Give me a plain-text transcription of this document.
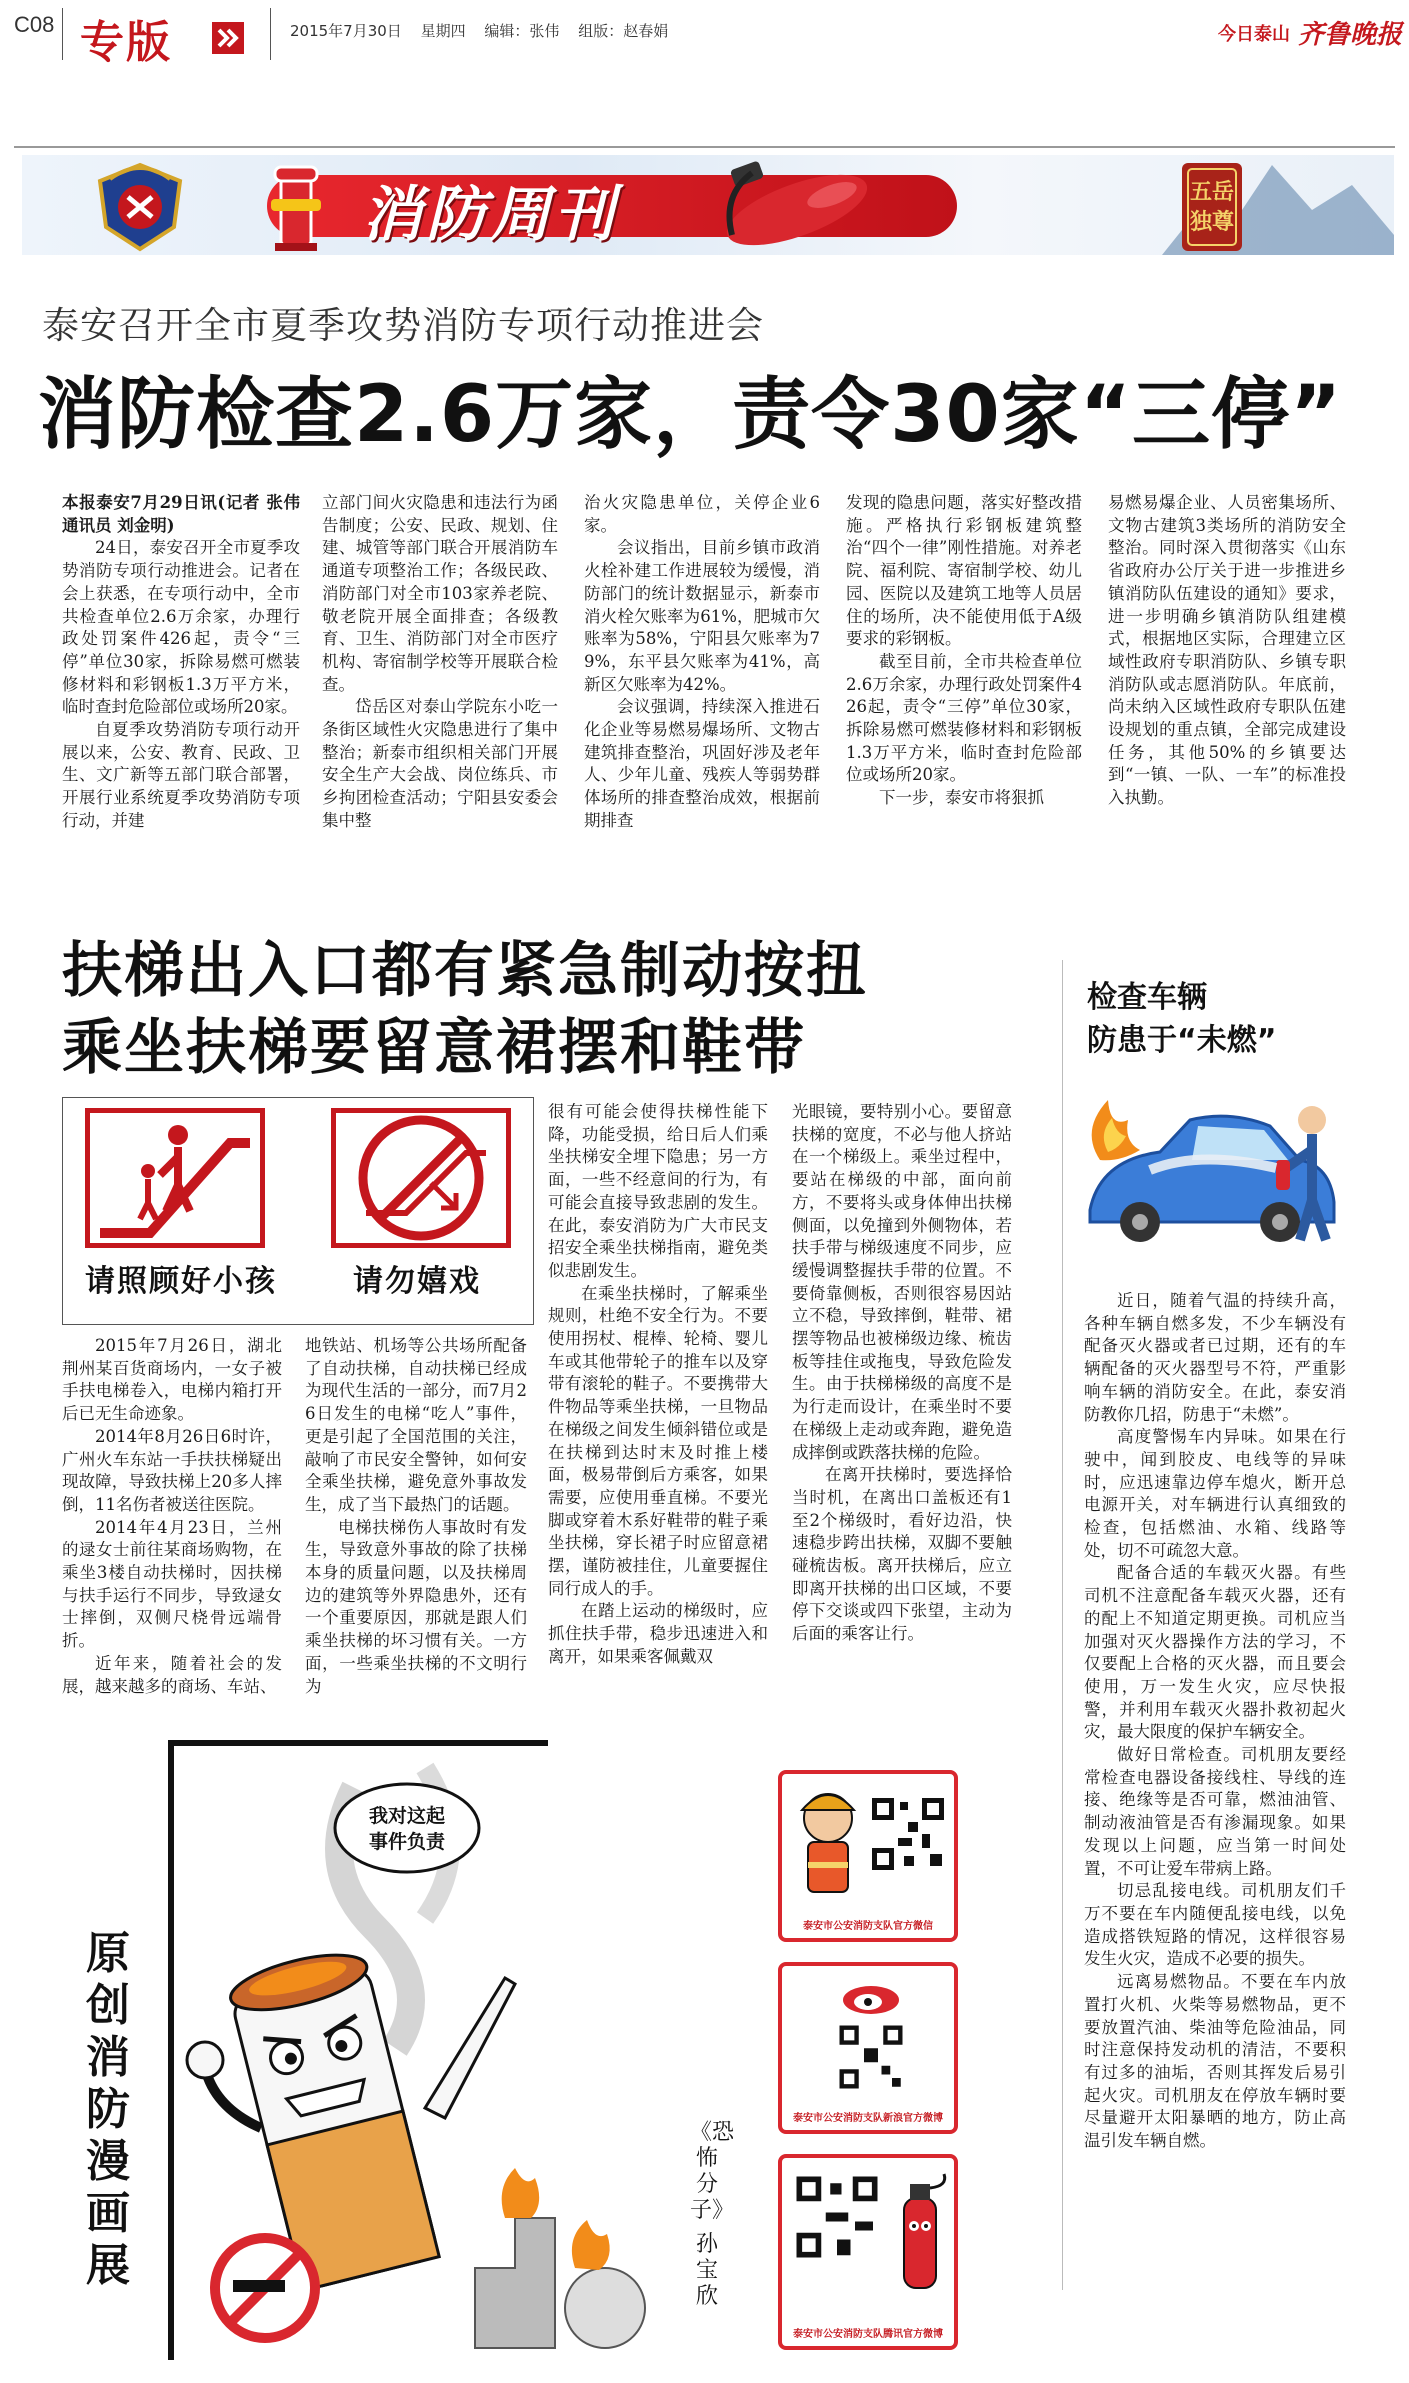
C08 专版	2015年7月30日 星期四 编辑：张伟 组版：赵春娟	今日泰山 齐鲁晚报
消防周刊	五岳
独尊
泰安召开全市夏季攻势消防专项行动推进会
消防检查2.6万家，责令30家“三停”

本报泰安7月29日讯(记者 张伟 通讯员 刘金明)

24日，泰安召开全市夏季攻势消防专项行动推进会。记者在会上获悉，在专项行动中，全市共检查单位2.6万余家，办理行政处罚案件426起，责令“三停”单位30家，拆除易燃可燃装修材料和彩钢板1.3万平方米，临时查封危险部位或场所20家。

自夏季攻势消防专项行动开展以来，公安、教育、民政、卫生、文广新等五部门联合部署，开展行业系统夏季攻势消防专项行动，并建

立部门间火灾隐患和违法行为函告制度；公安、民政、规划、住建、城管等部门联合开展消防车通道专项整治工作；各级民政、消防部门对全市103家养老院、敬老院开展全面排查；各级教育、卫生、消防部门对全市医疗机构、寄宿制学校等开展联合检查。

岱岳区对泰山学院东小吃一条街区域性火灾隐患进行了集中整治；新泰市组织相关部门开展安全生产大会战、岗位练兵、市乡拘团检查活动；宁阳县安委会集中整

治火灾隐患单位，关停企业6家。

会议指出，目前乡镇市政消火栓补建工作进展较为缓慢，消防部门的统计数据显示，新泰市消火栓欠账率为61%，肥城市欠账率为58%，宁阳县欠账率为79%，东平县欠账率为41%，高新区欠账率为42%。

会议强调，持续深入推进石化企业等易燃易爆场所、文物古建筑排查整治，巩固好涉及老年人、少年儿童、残疾人等弱势群体场所的排查整治成效，根据前期排查

发现的隐患问题，落实好整改措施。严格执行彩钢板建筑整治“四个一律”刚性措施。对养老院、福利院、寄宿制学校、幼儿园、医院以及建筑工地等人员居住的场所，决不能使用低于A级要求的彩钢板。

截至目前，全市共检查单位2.6万余家，办理行政处罚案件426起，责令“三停”单位30家，拆除易燃可燃装修材料和彩钢板1.3万平方米，临时查封危险部位或场所20家。

下一步，泰安市将狠抓

易燃易爆企业、人员密集场所、文物古建筑3类场所的消防安全整治。同时深入贯彻落实《山东省政府办公厅关于进一步推进乡镇消防队伍建设的通知》要求，进一步明确乡镇消防队组建模式，根据地区实际，合理建立区域性政府专职消防队、乡镇专职消防队或志愿消防队。年底前，尚未纳入区域性政府专职队伍建设规划的重点镇，全部完成建设任务，其他50%的乡镇要达到“一镇、一队、一车”的标准投入执勤。

扶梯出入口都有紧急制动按扭
乘坐扶梯要留意裙摆和鞋带
请照顾好小孩	请勿嬉戏

2015年7月26日，湖北荆州某百货商场内，一女子被手扶电梯卷入，电梯内箱打开后已无生命迹象。

2014年8月26日6时许，广州火车东站一手扶扶梯疑出现故障，导致扶梯上20多人摔倒，11名伤者被送往医院。

2014年4月23日，兰州的逯女士前往某商场购物，在乘坐3楼自动扶梯时，因扶梯与扶手运行不同步，导致逯女士摔倒，双侧尺桡骨远端骨折。

近年来，随着社会的发展，越来越多的商场、车站、

地铁站、机场等公共场所配备了自动扶梯，自动扶梯已经成为现代生活的一部分，而7月26日发生的电梯“吃人”事件，更是引起了全国范围的关注，敲响了市民安全警钟，如何安全乘坐扶梯，避免意外事故发生，成了当下最热门的话题。

电梯扶梯伤人事故时有发生，导致意外事故的除了扶梯本身的质量问题，以及扶梯周边的建筑等外界隐患外，还有一个重要原因，那就是跟人们乘坐扶梯的坏习惯有关。一方面，一些乘坐扶梯的不文明行为

很有可能会使得扶梯性能下降，功能受损，给日后人们乘坐扶梯安全埋下隐患；另一方面，一些不经意间的行为，有可能会直接导致悲剧的发生。在此，泰安消防为广大市民支招安全乘坐扶梯指南，避免类似悲剧发生。

在乘坐扶梯时，了解乘坐规则，杜绝不安全行为。不要使用拐杖、棍棒、轮椅、婴儿车或其他带轮子的推车以及穿带有滚轮的鞋子。不要携带大件物品等乘坐扶梯，一旦物品在梯级之间发生倾斜错位或是在扶梯到达时末及时推上楼面，极易带倒后方乘客，如果需要，应使用垂直梯。不要光脚或穿着木系好鞋带的鞋子乘坐扶梯，穿长裙子时应留意裙摆，谨防被挂住，儿童要握住同行成人的手。

在踏上运动的梯级时，应抓住扶手带，稳步迅速进入和离开，如果乘客佩戴双

光眼镜，要特别小心。要留意扶梯的宽度，不必与他人挤站在一个梯级上。乘坐过程中，要站在梯级的中部，面向前方，不要将头或身体伸出扶梯侧面，以免撞到外侧物体，若扶手带与梯级速度不同步，应缓慢调整握扶手带的位置。不要倚靠侧板，否则很容易因站立不稳，导致摔倒，鞋带、裙摆等物品也被梯级边缘、梳齿板等挂住或拖曳，导致危险发生。由于扶梯梯级的高度不是为行走而设计，在乘坐时不要在梯级上走动或奔跑，避免造成摔倒或跌落扶梯的危险。

在离开扶梯时，要选择恰当时机，在离出口盖板还有1至2个梯级时，看好边沿，快速稳步跨出扶梯，双脚不要触碰梳齿板。离开扶梯后，应立即离开扶梯的出口区域，不要停下交谈或四下张望，主动为后面的乘客让行。

检查车辆
防患于“未燃”

近日，随着气温的持续升高，各种车辆自燃多发，不少车辆没有配备灭火器或者已过期，还有的车辆配备的灭火器型号不符，严重影响车辆的消防安全。在此，泰安消防教你几招，防患于“未燃”。

高度警惕车内异味。如果在行驶中，闻到胶皮、电线等的异味时，应迅速靠边停车熄火，断开总电源开关，对车辆进行认真细致的检查，包括燃油、水箱、线路等处，切不可疏忽大意。

配备合适的车载灭火器。有些司机不注意配备车载灭火器，还有的配上不知道定期更换。司机应当加强对灭火器操作方法的学习，不仅要配上合格的灭火器，而且要会使用，万一发生火灾，应尽快报警，并利用车载灭火器扑救初起火灾，最大限度的保护车辆安全。

做好日常检查。司机朋友要经常检查电器设备接线柱、导线的连接、绝缘等是否可靠，燃油油管、制动液油管是否有渗漏现象。如果发现以上问题，应当第一时间处置，不可让爱车带病上路。

切忌乱接电线。司机朋友们千万不要在车内随便乱接电线，以免造成搭铁短路的情况，这样很容易发生火灾，造成不必要的损失。

远离易燃物品。不要在车内放置打火机、火柴等易燃物品，更不要放置汽油、柴油等危险油品，同时注意保持发动机的清洁，不要积有过多的油垢，否则其挥发后易引起火灾。司机朋友在停放车辆时要尽量避开太阳暴晒的地方，防止高温引发车辆自燃。

原创消防漫画展
我对这起
事件负责
《恐怖分子》
孙宝欣
泰安市公安消防支队官方微信
泰安市公安消防支队新浪官方微博
泰安市公安消防支队腾讯官方微博
